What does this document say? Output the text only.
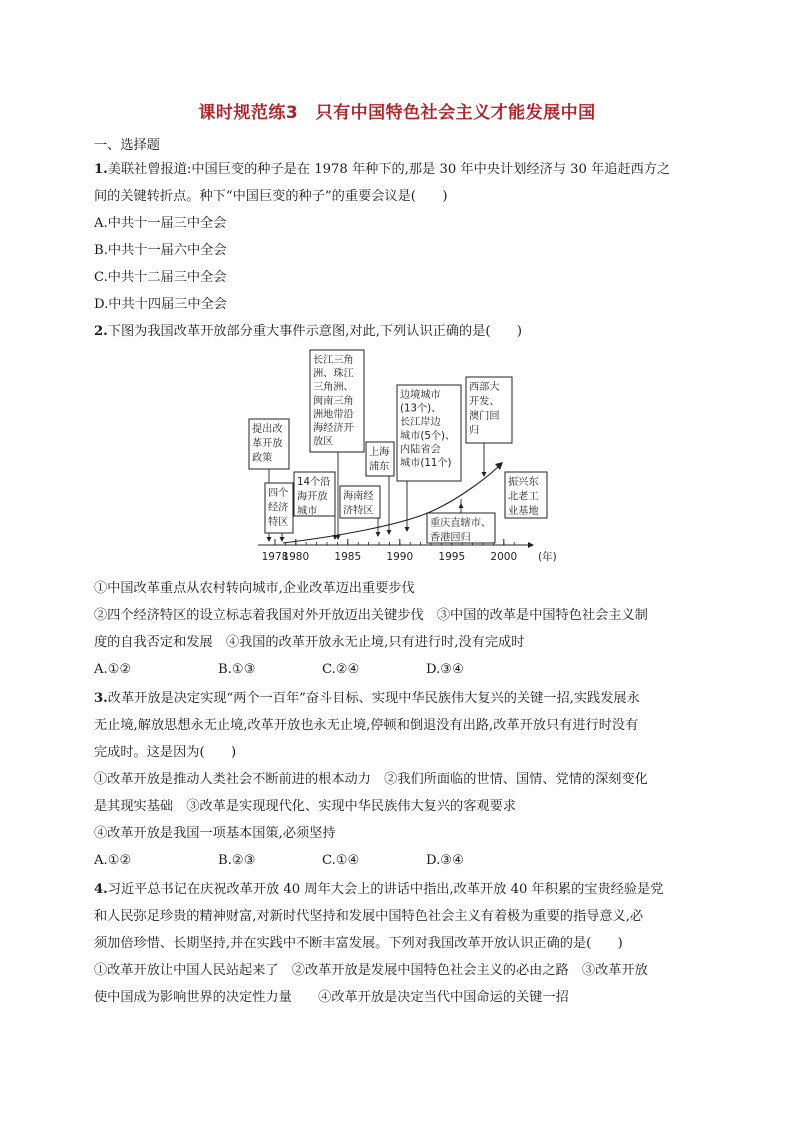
课时规范练3　只有中国特色社会主义才能发展中国
一、选择题
1.美联社曾报道:中国巨变的种子是在 1978 年种下的,那是 30 年中央计划经济与 30 年追赶西方之
间的关键转折点。种下“中国巨变的种子”的重要会议是(　　)
A.中共十一届三中全会
B.中共十一届六中全会
C.中共十二届三中全会
D.中共十四届三中全会
2.下图为我国改革开放部分重大事件示意图,对此,下列认识正确的是(　　)
1978
1980 1985 1990 1995 2000 (年)
提出改
革开放
政策
四个
经济
特区
14个沿
海开放
城市
长江三角
洲、珠江
三角洲、
闽南三角
洲地带沿
海经济开
放区
海南经
济特区
上海
浦东
边境城市
(13个)、
长江岸边
城市(5个)、
内陆省会
城市(11个)
重庆直辖市、
香港回归
西部大
开发、
澳门回
归
振兴东
北老工
业基地
①中国改革重点从农村转向城市,企业改革迈出重要步伐
②四个经济特区的设立标志着我国对外开放迈出关键步伐　③中国的改革是中国特色社会主义制
度的自我否定和发展　④我国的改革开放永无止境,只有进行时,没有完成时
A.①②	B.①③	C.②④	D.③④
3.改革开放是决定实现“两个一百年”奋斗目标、实现中华民族伟大复兴的关键一招,实践发展永
无止境,解放思想永无止境,改革开放也永无止境,停顿和倒退没有出路,改革开放只有进行时没有
完成时。这是因为(　　)
①改革开放是推动人类社会不断前进的根本动力　②我们所面临的世情、国情、党情的深刻变化
是其现实基础　③改革是实现现代化、实现中华民族伟大复兴的客观要求
④改革开放是我国一项基本国策,必须坚持
A.①②	B.②③	C.①④	D.③④
4.习近平总书记在庆祝改革开放 40 周年大会上的讲话中指出,改革开放 40 年积累的宝贵经验是党
和人民弥足珍贵的精神财富,对新时代坚持和发展中国特色社会主义有着极为重要的指导意义,必
须加倍珍惜、长期坚持,并在实践中不断丰富发展。下列对我国改革开放认识正确的是(　　)
①改革开放让中国人民站起来了　②改革开放是发展中国特色社会主义的必由之路　③改革开放
使中国成为影响世界的决定性力量　　④改革开放是决定当代中国命运的关键一招
